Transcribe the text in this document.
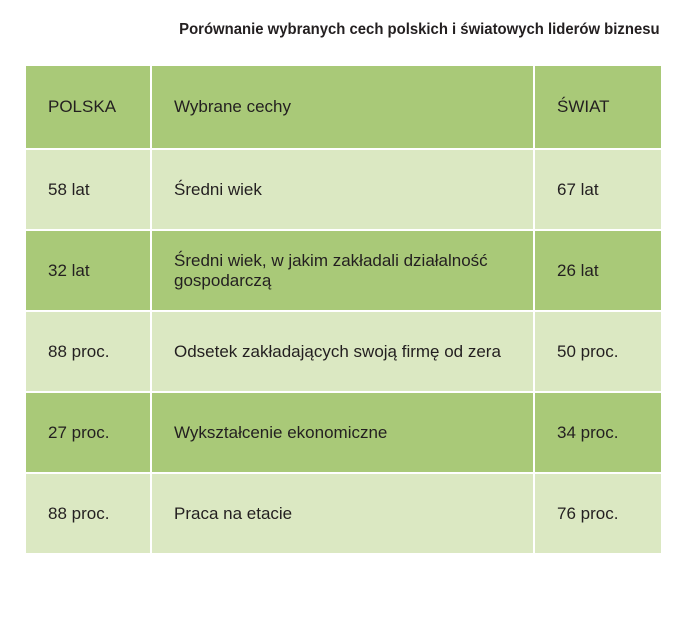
Porównanie wybranych cech polskich i światowych liderów biznesu
POLSKA	Wybrane cechy	ŚWIAT
58 lat	Średni wiek	67 lat
32 lat	Średni wiek, w jakim zakładali działalność gospodarczą	26 lat
88 proc.	Odsetek zakładających swoją firmę od zera	50 proc.
27 proc.	Wykształcenie ekonomiczne	34 proc.
88 proc.	Praca na etacie	76 proc.
